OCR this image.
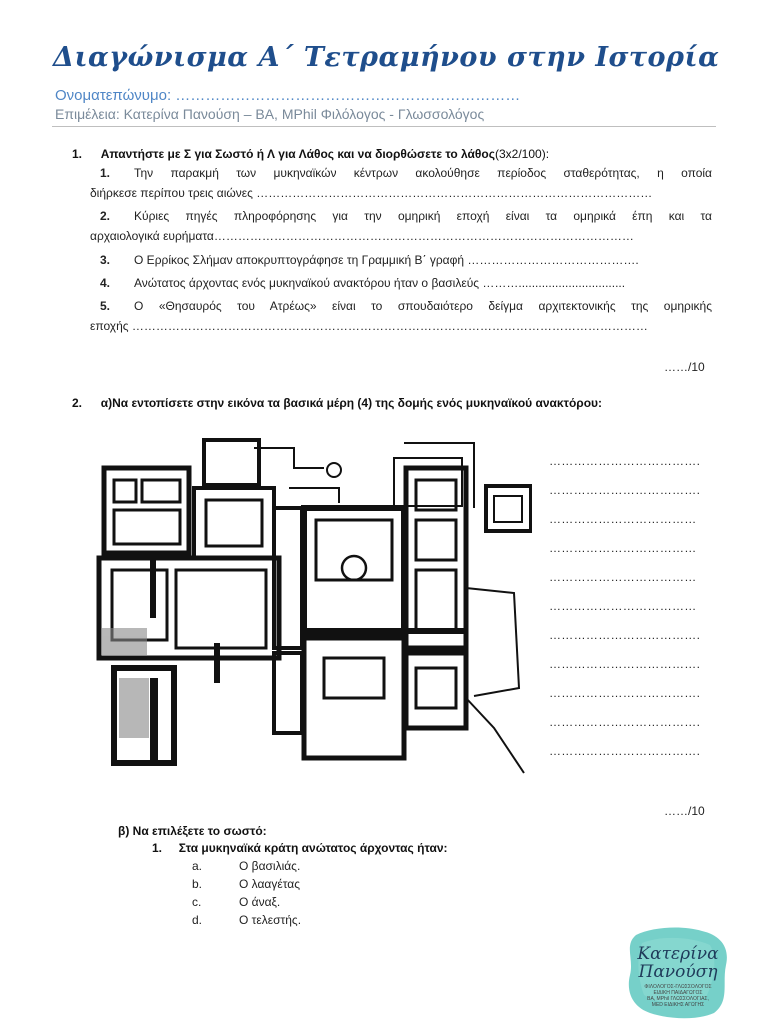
Διαγώνισμα Α΄ Τετραμήνου στην Ιστορία
Ονοματεπώνυμο: ……………………………………………………………
Επιμέλεια: Κατερίνα Πανούση – BA, MPhil Φιλόλογος - Γλωσσολόγος
1. Απαντήστε με Σ για Σωστό ή Λ για Λάθος και να διορθώσετε το λάθος(3x2/100):
1. Την παρακμή των μυκηναϊκών κέντρων ακολούθησε περίοδος σταθερότητας, η οποία
διήρκεσε περίπου τρεις αιώνες ………………………………………………………………………………………
2. Κύριες πηγές πληροφόρησης για την ομηρική εποχή είναι τα ομηρικά έπη και τα
αρχαιολογικά ευρήματα……………………………………………………………………………………………
3. Ο Ερρίκος Σλήμαν αποκρυπτογράφησε τη Γραμμική Β΄ γραφή …………………………………….
4. Ανώτατος άρχοντας ενός μυκηναϊκού ανακτόρου ήταν ο βασιλεύς ………................................
5. Ο «Θησαυρός του Ατρέως» είναι το σπουδαιότερο δείγμα αρχιτεκτονικής της ομηρικής
εποχής …………………………………………………………………………………………………………………
……/10
2. α)Να εντοπίσετε στην εικόνα τα βασικά μέρη (4) της δομής ενός μυκηναϊκού ανακτόρου:
……………………………….
……………………………….
………………………………
………………………………
………………………………
………………………………
……………………………….
……………………………….
……………………………….
……………………………….
……………………………….
……/10
β) Να επιλέξετε το σωστό:
1. Στα μυκηναϊκά κράτη ανώτατος άρχοντας ήταν:
a.	Ο βασιλιάς.
b.	Ο λααγέτας
c.	Ο άναξ.
d.	Ο τελεστής.
Κατερίνα
Πανούση
ΦΙΛΟΛΟΓΟΣ-ΓΛΩΣΣΟΛΟΓΟΣ
ΕΙΔΙΚΗ ΠΑΙΔΑΓΩΓΟΣ
ΒΑ, MPhil ΓΛΩΣΣΟΛΟΓΙΑΣ,
MED ΕΙΔΙΚΗΣ ΑΓΩΓΗΣ
